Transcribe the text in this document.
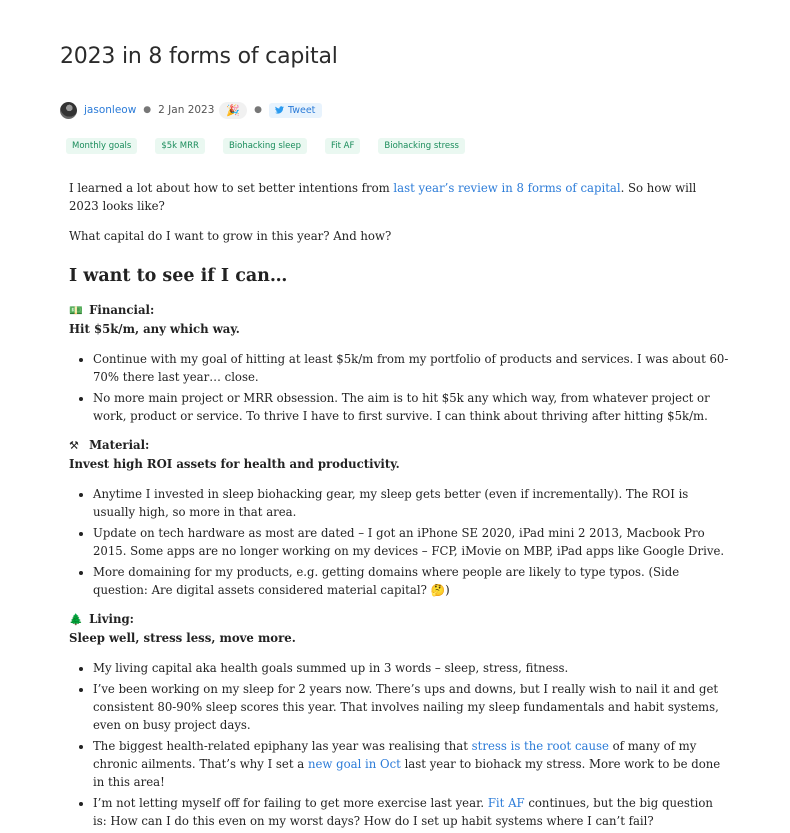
2023 in 8 forms of capital
jasonleow ● 2 Jan 2023	🎉	●	Tweet
Monthly goals	$5k MRR	Biohacking sleep	Fit AF	Biohacking stress

I learned a lot about how to set better intentions from last year’s review in 8 forms of capital. So how will 2023 looks like?

What capital do I want to grow in this year? And how?

I want to see if I can…
💵 Financial:
Hit $5k/m, any which way.
• Continue with my goal of hitting at least $5k/m from my portfolio of products and services. I was about 60-70% there last year… close.
• No more main project or MRR obsession. The aim is to hit $5k any which way, from whatever project or work, product or service. To thrive I have to first survive. I can think about thriving after hitting $5k/m.
⚒ Material:
Invest high ROI assets for health and productivity.
• Anytime I invested in sleep biohacking gear, my sleep gets better (even if incrementally). The ROI is usually high, so more in that area.
• Update on tech hardware as most are dated – I got an iPhone SE 2020, iPad mini 2 2013, Macbook Pro 2015. Some apps are no longer working on my devices – FCP, iMovie on MBP, iPad apps like Google Drive.
• More domaining for my products, e.g. getting domains where people are likely to type typos. (Side question: Are digital assets considered material capital? 🤔)
🌲 Living:
Sleep well, stress less, move more.
• My living capital aka health goals summed up in 3 words – sleep, stress, fitness.
• I’ve been working on my sleep for 2 years now. There’s ups and downs, but I really wish to nail it and get consistent 80-90% sleep scores this year. That involves nailing my sleep fundamentals and habit systems, even on busy project days.
• The biggest health-related epiphany las year was realising that stress is the root cause of many of my chronic ailments. That’s why I set a new goal in Oct last year to biohack my stress. More work to be done in this area!
• I’m not letting myself off for failing to get more exercise last year. Fit AF continues, but the big question is: How can I do this even on my worst days? How do I set up habit systems where I can’t fail?
